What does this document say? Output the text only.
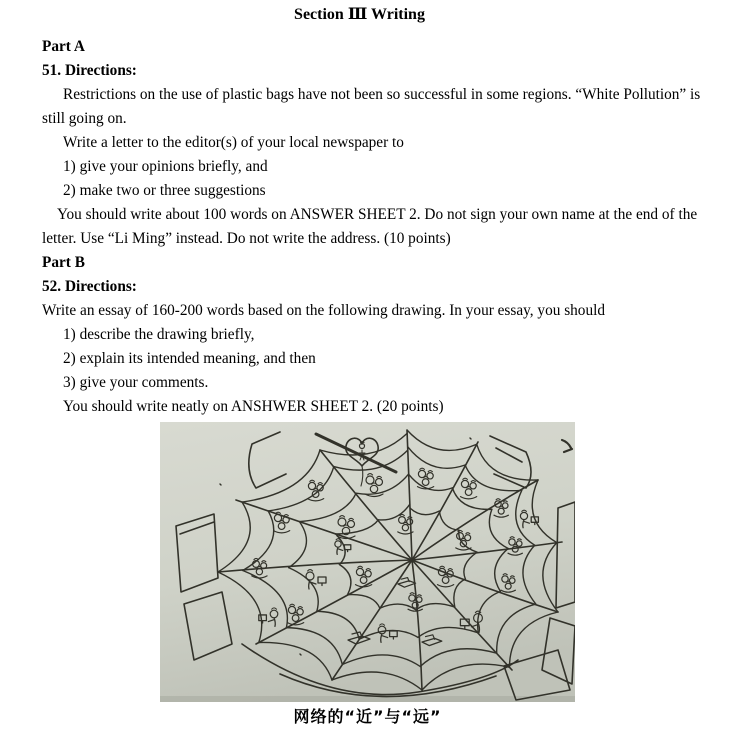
Section Ⅲ Writing

Part A

51. Directions:

Restrictions on the use of plastic bags have not been so successful in some regions. “White Pollution” is

still going on.

Write a letter to the editor(s) of your local newspaper to

1) give your opinions briefly, and

2) make two or three suggestions

You should write about 100 words on ANSWER SHEET 2. Do not sign your own name at the end of the

letter. Use “Li Ming” instead. Do not write the address. (10 points)

Part B

52. Directions:

Write an essay of 160-200 words based on the following drawing. In your essay, you should

1) describe the drawing briefly,

2) explain its intended meaning, and then

3) give your comments.

You should write neatly on ANSHWER SHEET 2. (20 points)

网络的“近”与“远”
